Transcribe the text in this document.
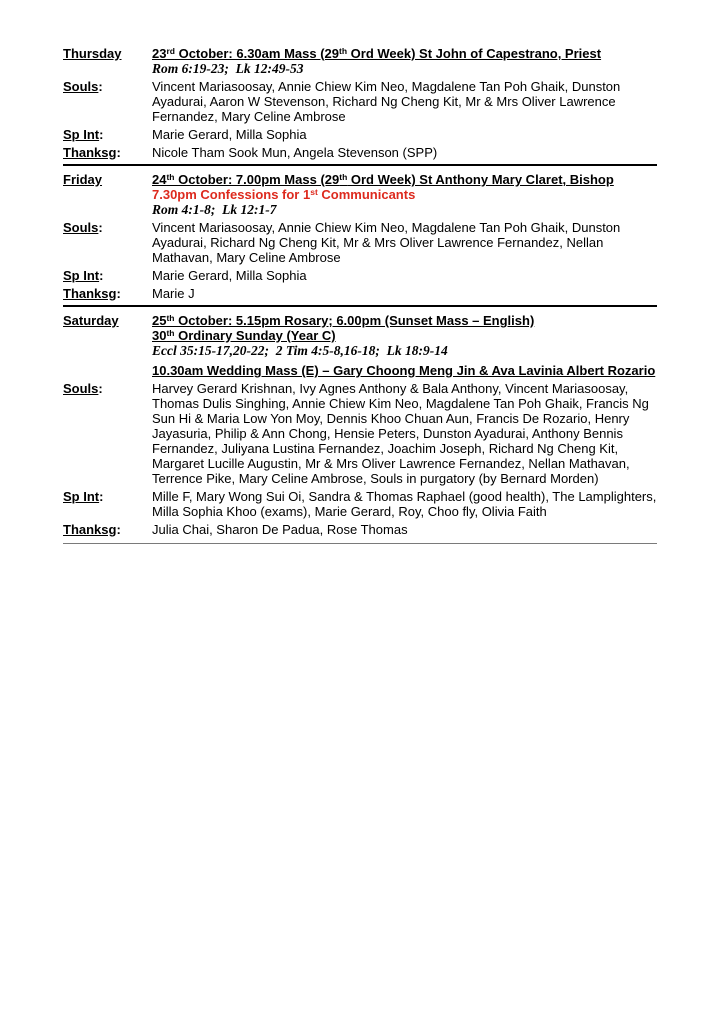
Thursday	23rd October: 6.30am Mass (29th Ord Week) St John of Capestrano, Priest
Rom 6:19-23;  Lk 12:49-53
Souls:	Vincent Mariasoosay, Annie Chiew Kim Neo, Magdalene Tan Poh Ghaik, Dunston Ayadurai, Aaron W Stevenson, Richard Ng Cheng Kit, Mr & Mrs Oliver Lawrence Fernandez, Mary Celine Ambrose
Sp Int:	Marie Gerard, Milla Sophia
Thanksg:	Nicole Tham Sook Mun, Angela Stevenson (SPP)
Friday	24th October: 7.00pm Mass (29th Ord Week) St Anthony Mary Claret, Bishop
7.30pm Confessions for 1st Communicants
Rom 4:1-8;  Lk 12:1-7
Souls:	Vincent Mariasoosay, Annie Chiew Kim Neo, Magdalene Tan Poh Ghaik, Dunston Ayadurai, Richard Ng Cheng Kit, Mr & Mrs Oliver Lawrence Fernandez, Nellan Mathavan, Mary Celine Ambrose
Sp Int:	Marie Gerard, Milla Sophia
Thanksg:	Marie J
Saturday	25th October: 5.15pm Rosary; 6.00pm (Sunset Mass – English)
30th Ordinary Sunday (Year C)
Eccl 35:15-17,20-22;  2 Tim 4:5-8,16-18;  Lk 18:9-14
10.30am Wedding Mass (E) – Gary Choong Meng Jin & Ava Lavinia Albert Rozario
Souls:	Harvey Gerard Krishnan, Ivy Agnes Anthony & Bala Anthony, Vincent Mariasoosay, Thomas Dulis Singhing, Annie Chiew Kim Neo, Magdalene Tan Poh Ghaik, Francis Ng Sun Hi & Maria Low Yon Moy, Dennis Khoo Chuan Aun, Francis De Rozario, Henry Jayasuria, Philip & Ann Chong, Hensie Peters, Dunston Ayadurai, Anthony Bennis Fernandez, Juliyana Lustina Fernandez, Joachim Joseph, Richard Ng Cheng Kit, Margaret Lucille Augustin, Mr & Mrs Oliver Lawrence Fernandez, Nellan Mathavan, Terrence Pike, Mary Celine Ambrose, Souls in purgatory (by Bernard Morden)
Sp Int:	Mille F, Mary Wong Sui Oi, Sandra & Thomas Raphael (good health), The Lamplighters, Milla Sophia Khoo (exams), Marie Gerard, Roy, Choo fly, Olivia Faith
Thanksg:	Julia Chai, Sharon De Padua, Rose Thomas
